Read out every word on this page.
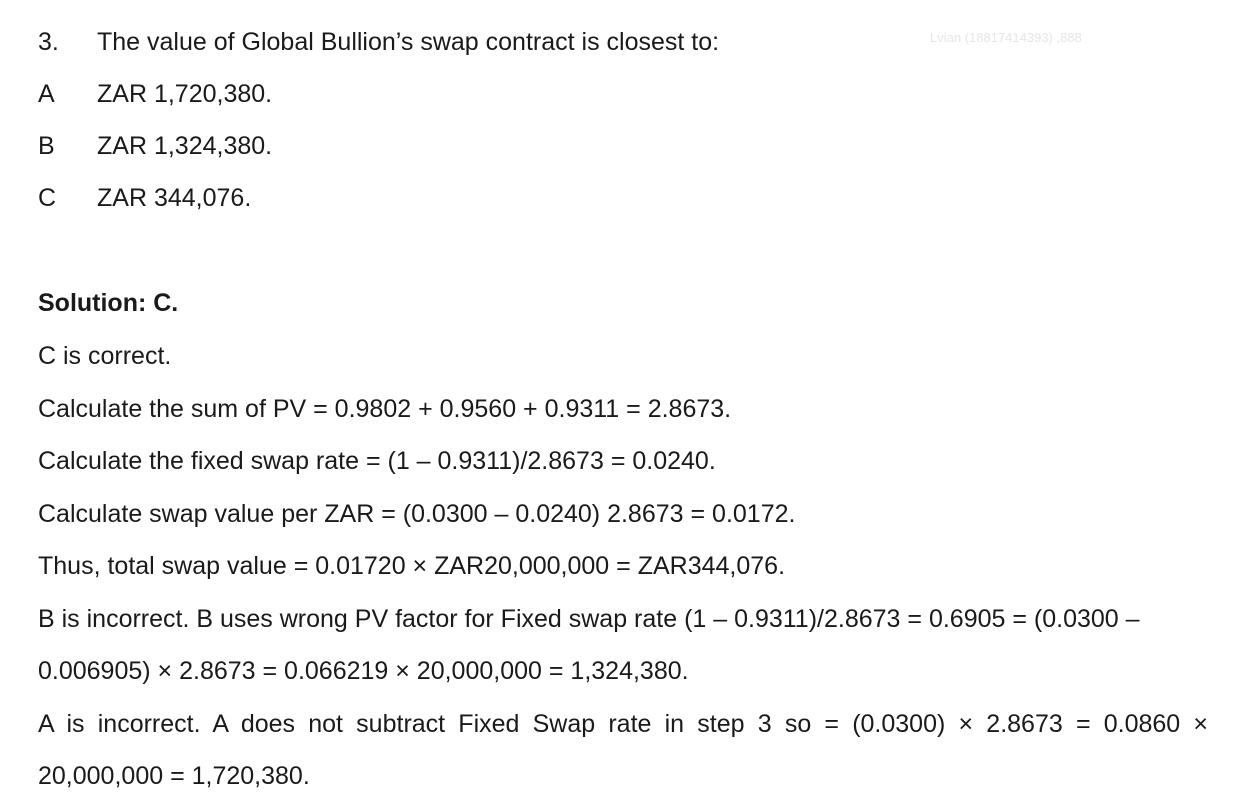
Lvian (18817414393) ,888
3. The value of Global Bullion’s swap contract is closest to:
A ZAR 1,720,380.
B ZAR 1,324,380.
C ZAR 344,076.
Solution: C.
C is correct.
Calculate the sum of PV = 0.9802 + 0.9560 + 0.9311 = 2.8673.
Calculate the fixed swap rate = (1 – 0.9311)/2.8673 = 0.0240.
Calculate swap value per ZAR = (0.0300 – 0.0240) 2.8673 = 0.0172.
Thus, total swap value = 0.01720 × ZAR20,000,000 = ZAR344,076.
B is incorrect. B uses wrong PV factor for Fixed swap rate (1 – 0.9311)/2.8673 = 0.6905 = (0.0300 –
0.006905) × 2.8673 = 0.066219 × 20,000,000 = 1,324,380.
A is incorrect. A does not subtract Fixed Swap rate in step 3 so = (0.0300) × 2.8673 = 0.0860 ×
20,000,000 = 1,720,380.
